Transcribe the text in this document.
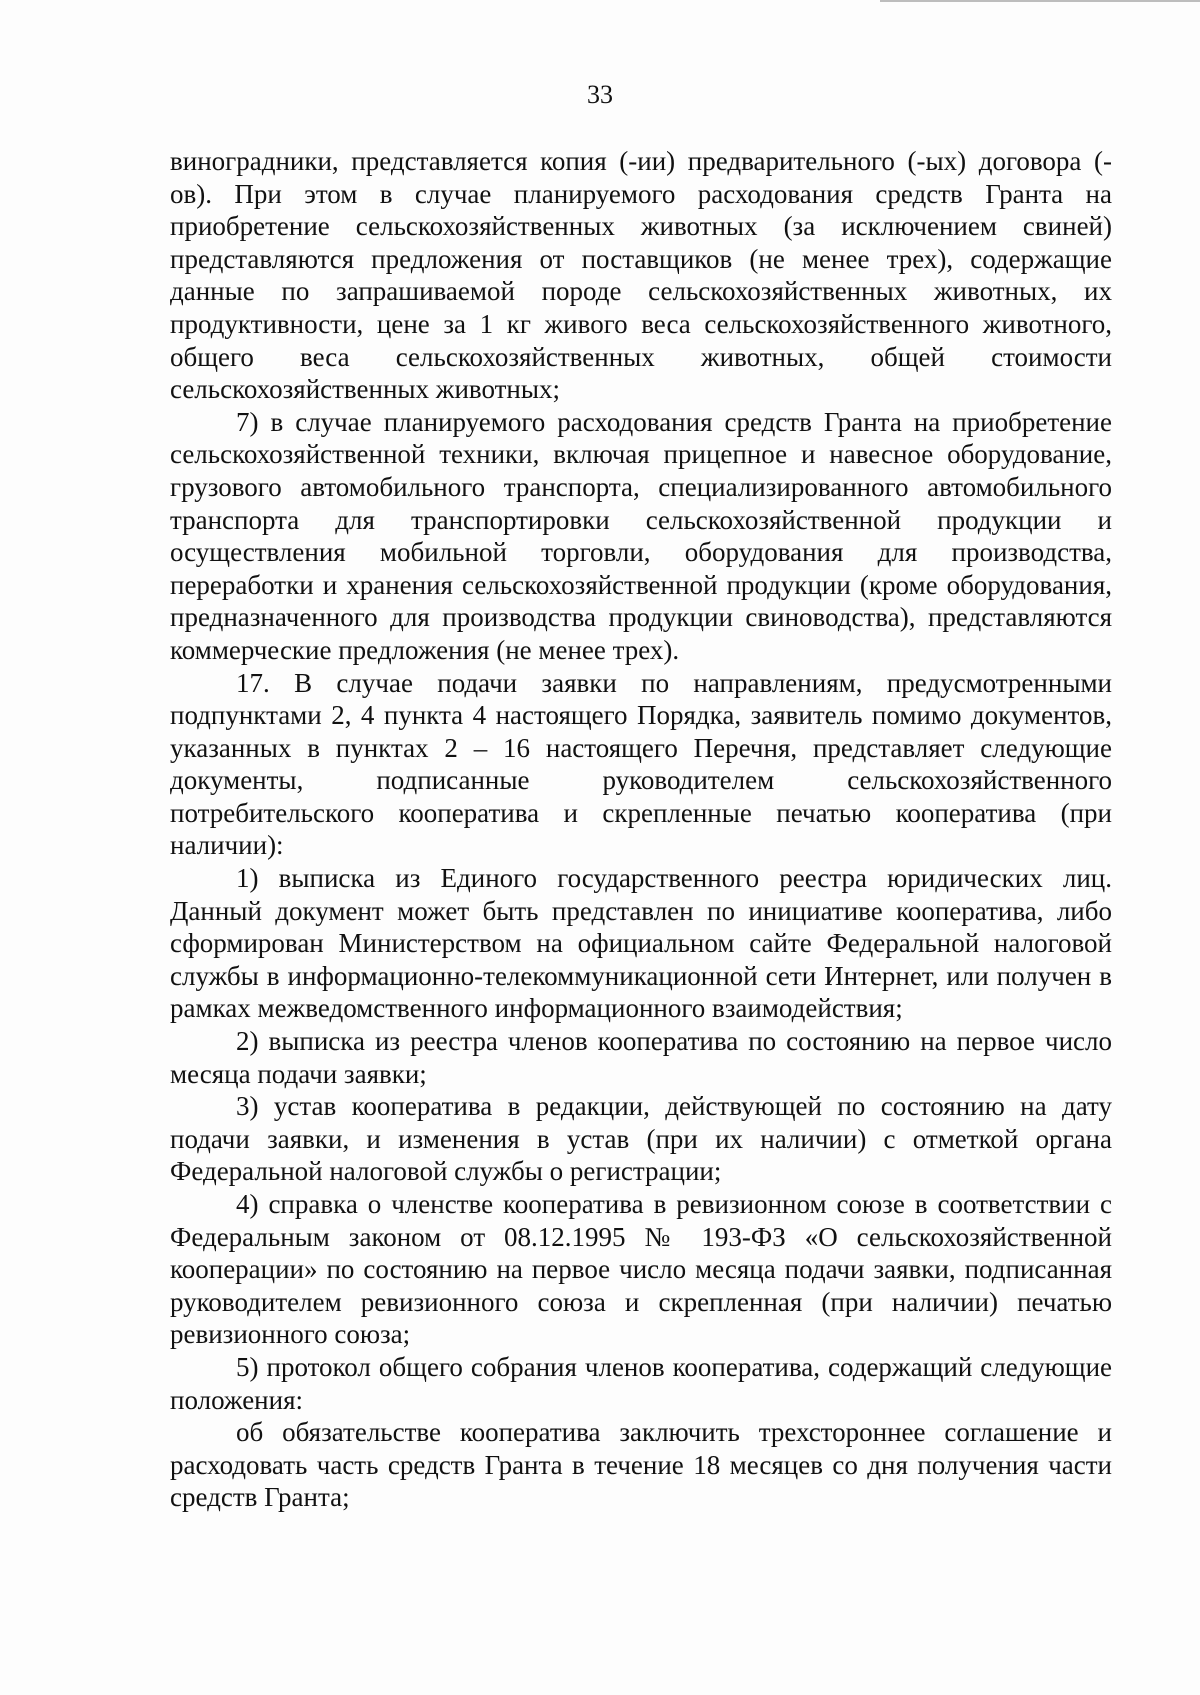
33

виноградники, представляется копия (-ии) предварительного (-ых) договора (-ов). При этом в случае планируемого расходования средств Гранта на приобретение сельскохозяйственных животных (за исключением свиней) представляются предложения от поставщиков (не менее трех), содержащие данные по запрашиваемой породе сельскохозяйственных животных, их продуктивности, цене за 1 кг живого веса сельскохозяйственного животного, общего веса сельскохозяйственных животных, общей стоимости сельскохозяйственных животных;

7) в случае планируемого расходования средств Гранта на приобретение сельскохозяйственной техники, включая прицепное и навесное оборудование, грузового автомобильного транспорта, специализированного автомобильного транспорта для транспортировки сельскохозяйственной продукции и осуществления мобильной торговли, оборудования для производства, переработки и хранения сельскохозяйственной продукции (кроме оборудования, предназначенного для производства продукции свиноводства), представляются коммерческие предложения (не менее трех).

17. В случае подачи заявки по направлениям, предусмотренными подпунктами 2, 4 пункта 4 настоящего Порядка, заявитель помимо документов, указанных в пунктах 2 – 16 настоящего Перечня, представляет следующие документы, подписанные руководителем сельскохозяйственного потребительского кооператива и скрепленные печатью кооператива (при наличии):

1) выписка из Единого государственного реестра юридических лиц. Данный документ может быть представлен по инициативе кооператива, либо сформирован Министерством на официальном сайте Федеральной налоговой службы в информационно-телекоммуникационной сети Интернет, или получен в рамках межведомственного информационного взаимодействия;

2) выписка из реестра членов кооператива по состоянию на первое число месяца подачи заявки;

3) устав кооператива в редакции, действующей по состоянию на дату подачи заявки, и изменения в устав (при их наличии) с отметкой органа Федеральной налоговой службы о регистрации;

4) справка о членстве кооператива в ревизионном союзе в соответствии с Федеральным законом от 08.12.1995 № 193-ФЗ «О сельскохозяйственной кооперации» по состоянию на первое число месяца подачи заявки, подписанная руководителем ревизионного союза и скрепленная (при наличии) печатью ревизионного союза;

5) протокол общего собрания членов кооператива, содержащий следующие положения:

об обязательстве кооператива заключить трехстороннее соглашение и расходовать часть средств Гранта в течение 18 месяцев со дня получения части средств Гранта;
